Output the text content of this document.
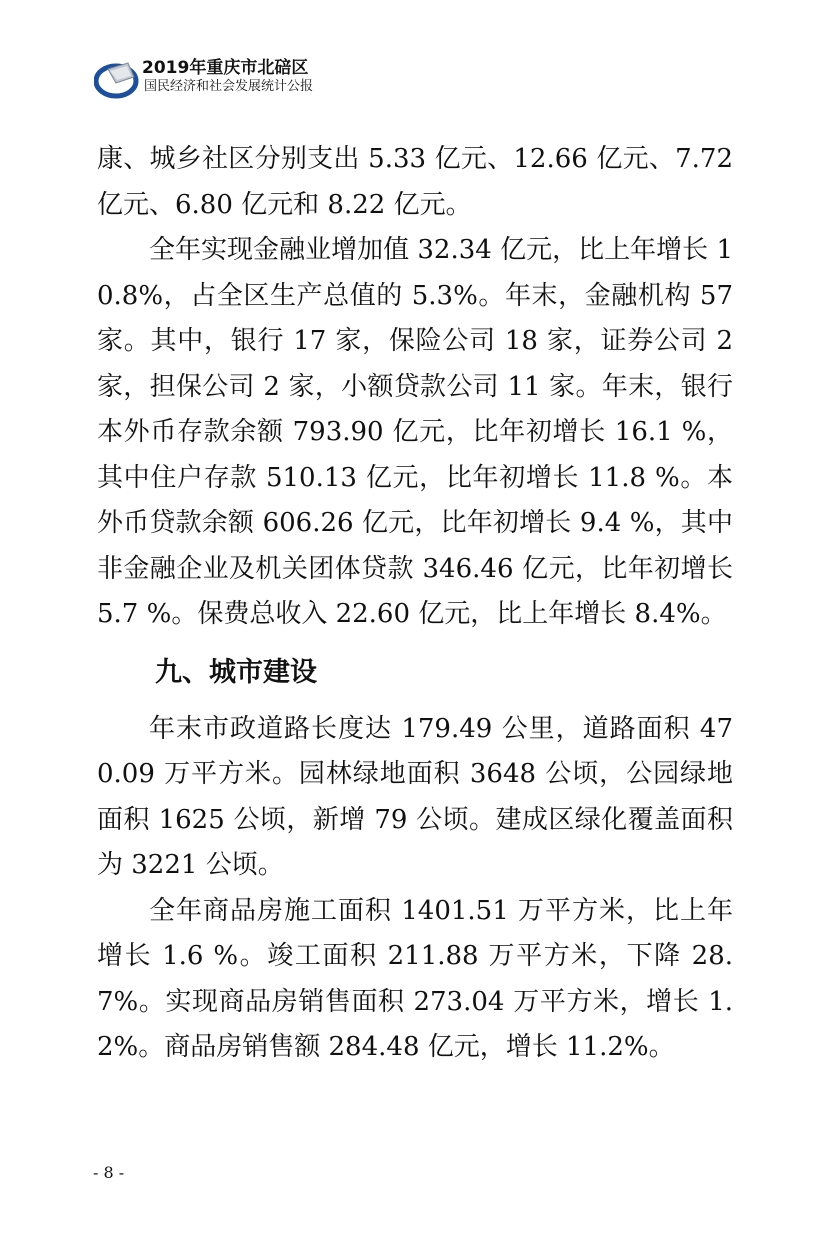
2019年重庆市北碚区
国民经济和社会发展统计公报

康、城乡社区分别支出 5.33 亿元、12.66 亿元、7.72 亿元、6.80 亿元和 8.22 亿元。

全年实现金融业增加值 32.34 亿元，比上年增长 10.8%，占全区生产总值的 5.3%。年末，金融机构 57 家。其中，银行 17 家，保险公司 18 家，证券公司 2 家，担保公司 2 家，小额贷款公司 11 家。年末，银行本外币存款余额 793.90 亿元，比年初增长 16.1 %，其中住户存款 510.13 亿元，比年初增长 11.8 %。本外币贷款余额 606.26 亿元，比年初增长 9.4 %，其中非金融企业及机关团体贷款 346.46 亿元，比年初增长 5.7 %。保费总收入 22.60 亿元，比上年增长 8.4%。

九、城市建设

年末市政道路长度达 179.49 公里，道路面积 470.09 万平方米。园林绿地面积 3648 公顷，公园绿地面积 1625 公顷，新增 79 公顷。建成区绿化覆盖面积为 3221 公顷。

全年商品房施工面积 1401.51 万平方米，比上年增长 1.6 %。竣工面积 211.88 万平方米，下降 28.7%。实现商品房销售面积 273.04 万平方米，增长 1.2%。商品房销售额 284.48 亿元，增长 11.2%。

- 8 -
